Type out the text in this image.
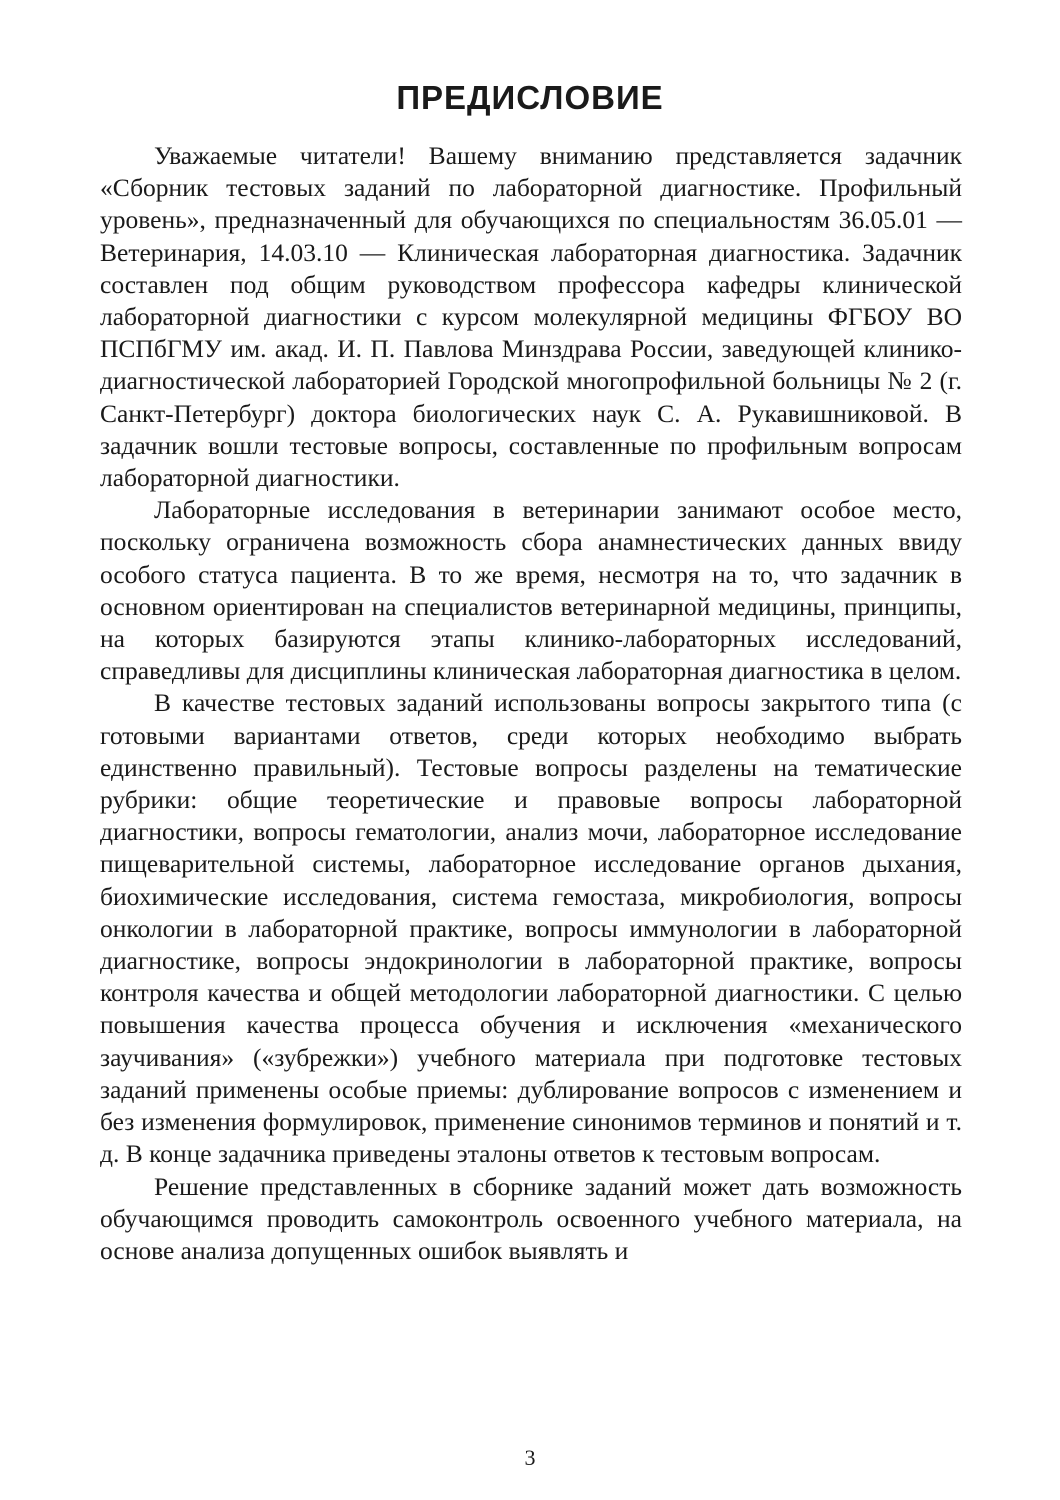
ПРЕДИСЛОВИЕ

Уважаемые читатели! Вашему вниманию представляется задачник «Сборник тестовых заданий по лабораторной диагностике. Профильный уровень», предназначенный для обучающихся по специальностям 36.05.01 — Ветеринария, 14.03.10 — Клиническая лабораторная диагностика. Задачник составлен под общим руководством профессора кафедры клинической лабораторной диагностики с курсом молекулярной медицины ФГБОУ ВО ПСПбГМУ им. акад. И. П. Павлова Минздрава России, заведующей клинико-диагностической лабораторией Городской многопрофильной больницы № 2 (г. Санкт-Петербург) доктора биологических наук С. А. Рукавишниковой. В задачник вошли тестовые вопросы, составленные по профильным вопросам лабораторной диагностики.

Лабораторные исследования в ветеринарии занимают особое место, поскольку ограничена возможность сбора анамнестических данных ввиду особого статуса пациента. В то же время, несмотря на то, что задачник в основном ориентирован на специалистов ветеринарной медицины, принципы, на которых базируются этапы клинико-лабораторных исследований, справедливы для дисциплины клиническая лабораторная диагностика в целом.

В качестве тестовых заданий использованы вопросы закрытого типа (с готовыми вариантами ответов, среди которых необходимо выбрать единственно правильный). Тестовые вопросы разделены на тематические рубрики: общие теоретические и правовые вопросы лабораторной диагностики, вопросы гематологии, анализ мочи, лабораторное исследование пищеварительной системы, лабораторное исследование органов дыхания, биохимические исследования, система гемостаза, микробиология, вопросы онкологии в лабораторной практике, вопросы иммунологии в лабораторной диагностике, вопросы эндокринологии в лабораторной практике, вопросы контроля качества и общей методологии лабораторной диагностики. С целью повышения качества процесса обучения и исключения «механического заучивания» («зубрежки») учебного материала при подготовке тестовых заданий применены особые приемы: дублирование вопросов с изменением и без изменения формулировок, применение синонимов терминов и понятий и т. д. В конце задачника приведены эталоны ответов к тестовым вопросам.

Решение представленных в сборнике заданий может дать возможность обучающимся проводить самоконтроль освоенного учебного материала, на основе анализа допущенных ошибок выявлять и

3
